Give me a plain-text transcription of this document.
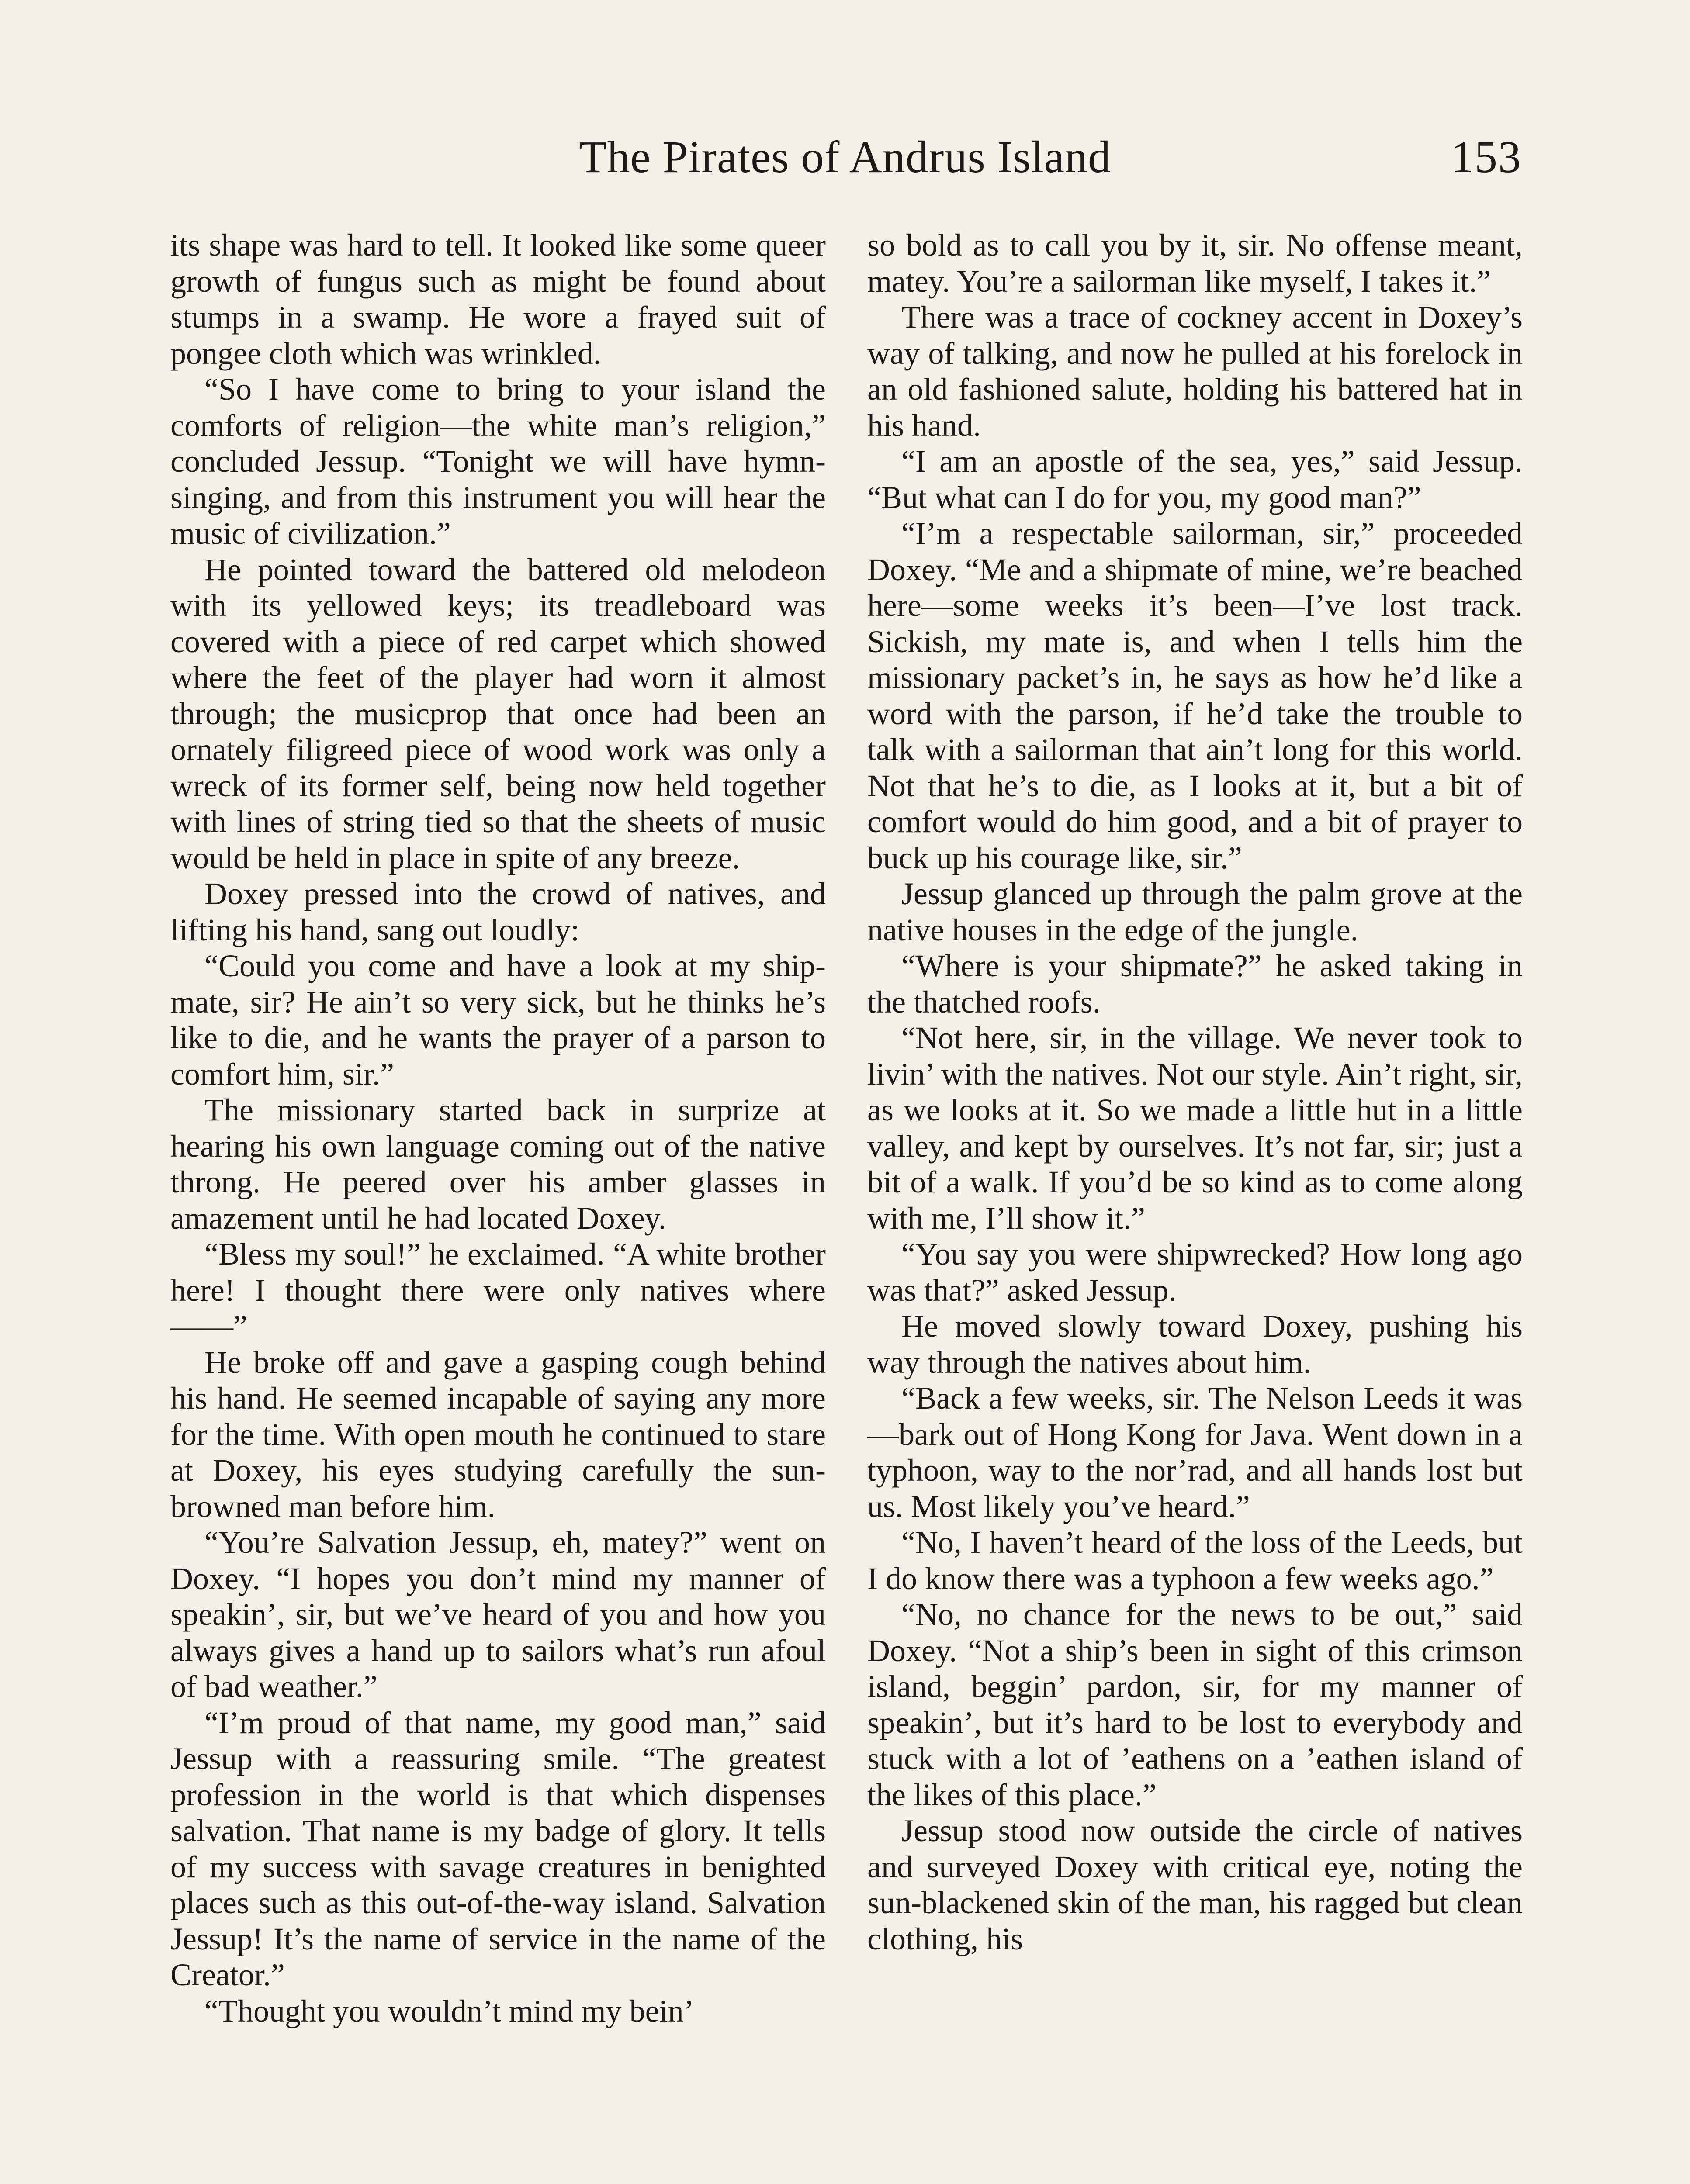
The Pirates of Andrus Island	153

its shape was hard to tell. It looked like some queer growth of fungus such as might be found about stumps in a swamp. He wore a frayed suit of pongee cloth which was wrinkled.

“So I have come to bring to your island the comforts of religion—the white man’s religion,” concluded Jessup. “Tonight we will have hymn-singing, and from this instrument you will hear the music of civilization.”

He pointed toward the battered old melodeon with its yellowed keys; its treadleboard was covered with a piece of red carpet which showed where the feet of the player had worn it almost through; the musicprop that once had been an ornately filigreed piece of wood work was only a wreck of its former self, being now held together with lines of string tied so that the sheets of music would be held in place in spite of any breeze.

Doxey pressed into the crowd of natives, and lifting his hand, sang out loudly:

“Could you come and have a look at my ship-mate, sir? He ain’t so very sick, but he thinks he’s like to die, and he wants the prayer of a parson to comfort him, sir.”

The missionary started back in surprize at hearing his own language coming out of the native throng. He peered over his amber glasses in amazement until he had located Doxey.

“Bless my soul!” he exclaimed. “A white brother here! I thought there were only natives where ——”

He broke off and gave a gasping cough behind his hand. He seemed incapable of saying any more for the time. With open mouth he continued to stare at Doxey, his eyes studying carefully the sun-browned man before him.

“You’re Salvation Jessup, eh, matey?” went on Doxey. “I hopes you don’t mind my manner of speakin’, sir, but we’ve heard of you and how you always gives a hand up to sailors what’s run afoul of bad weather.”

“I’m proud of that name, my good man,” said Jessup with a reassuring smile. “The greatest profession in the world is that which dispenses salvation. That name is my badge of glory. It tells of my success with savage creatures in benighted places such as this out-of-the-way island. Salvation Jessup! It’s the name of service in the name of the Creator.”

“Thought you wouldn’t mind my bein’

so bold as to call you by it, sir. No offense meant, matey. You’re a sailorman like myself, I takes it.”

There was a trace of cockney accent in Doxey’s way of talking, and now he pulled at his forelock in an old fashioned salute, holding his battered hat in his hand.

“I am an apostle of the sea, yes,” said Jessup. “But what can I do for you, my good man?”

“I’m a respectable sailorman, sir,” proceeded Doxey. “Me and a shipmate of mine, we’re beached here—some weeks it’s been—I’ve lost track. Sickish, my mate is, and when I tells him the missionary packet’s in, he says as how he’d like a word with the parson, if he’d take the trouble to talk with a sailorman that ain’t long for this world. Not that he’s to die, as I looks at it, but a bit of comfort would do him good, and a bit of prayer to buck up his courage like, sir.”

Jessup glanced up through the palm grove at the native houses in the edge of the jungle.

“Where is your shipmate?” he asked taking in the thatched roofs.

“Not here, sir, in the village. We never took to livin’ with the natives. Not our style. Ain’t right, sir, as we looks at it. So we made a little hut in a little valley, and kept by ourselves. It’s not far, sir; just a bit of a walk. If you’d be so kind as to come along with me, I’ll show it.”

“You say you were shipwrecked? How long ago was that?” asked Jessup.

He moved slowly toward Doxey, pushing his way through the natives about him.

“Back a few weeks, sir. The Nelson Leeds it was—bark out of Hong Kong for Java. Went down in a typhoon, way to the nor’rad, and all hands lost but us. Most likely you’ve heard.”

“No, I haven’t heard of the loss of the Leeds, but I do know there was a typhoon a few weeks ago.”

“No, no chance for the news to be out,” said Doxey. “Not a ship’s been in sight of this crimson island, beggin’ pardon, sir, for my manner of speakin’, but it’s hard to be lost to everybody and stuck with a lot of ’eathens on a ’eathen island of the likes of this place.”

Jessup stood now outside the circle of natives and surveyed Doxey with critical eye, noting the sun-blackened skin of the man, his ragged but clean clothing, his
